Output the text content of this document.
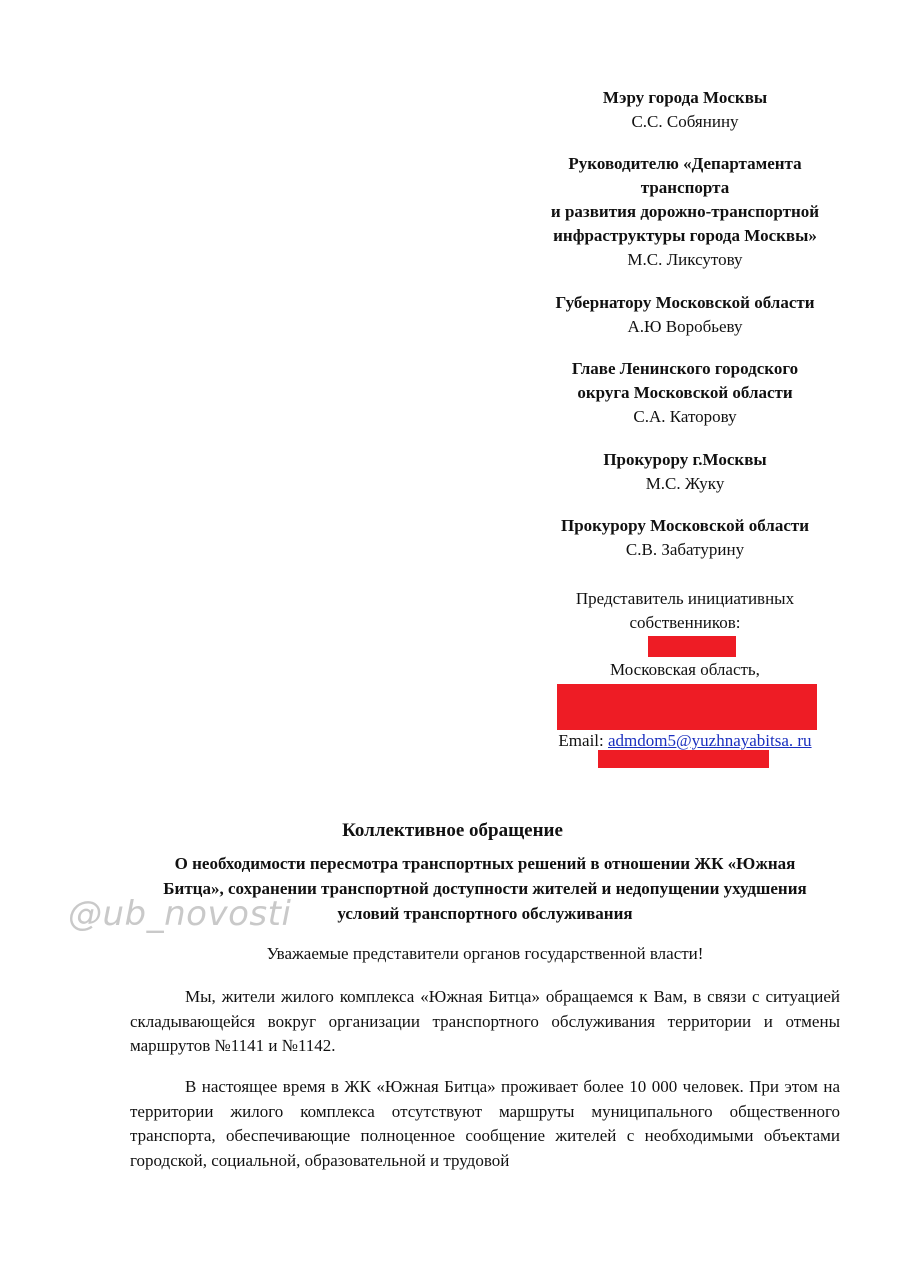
Мэру города Москвы
С.С. Собянину
Руководителю «Департамента
транспорта
и развития дорожно-транспортной
инфраструктуры города Москвы»
М.С. Ликсутову
Губернатору Московской области
А.Ю Воробьеву
Главе Ленинского городского
округа Московской области
С.А. Каторову
Прокурору г.Москвы
М.С. Жуку
Прокурору Московской области
С.В. Забатурину
Представитель инициативных
собственников:
Московская область,
Email: admdom5@yuzhnayabitsa. ru
Коллективное обращение
О необходимости пересмотра транспортных решений в отношении ЖК «Южная
Битца», сохранении транспортной доступности жителей и недопущении ухудшения
условий транспортного обслуживания
@ub_novosti
Уважаемые представители органов государственной власти!
Мы, жители жилого комплекса «Южная Битца» обращаемся к Вам, в связи с ситуацией складывающейся вокруг организации транспортного обслуживания территории и отмены маршрутов №1141 и №1142.
В настоящее время в ЖК «Южная Битца» проживает более 10 000 человек. При этом на территории жилого комплекса отсутствуют маршруты муниципального общественного транспорта, обеспечивающие полноценное сообщение жителей с необходимыми объектами городской, социальной, образовательной и трудовой
